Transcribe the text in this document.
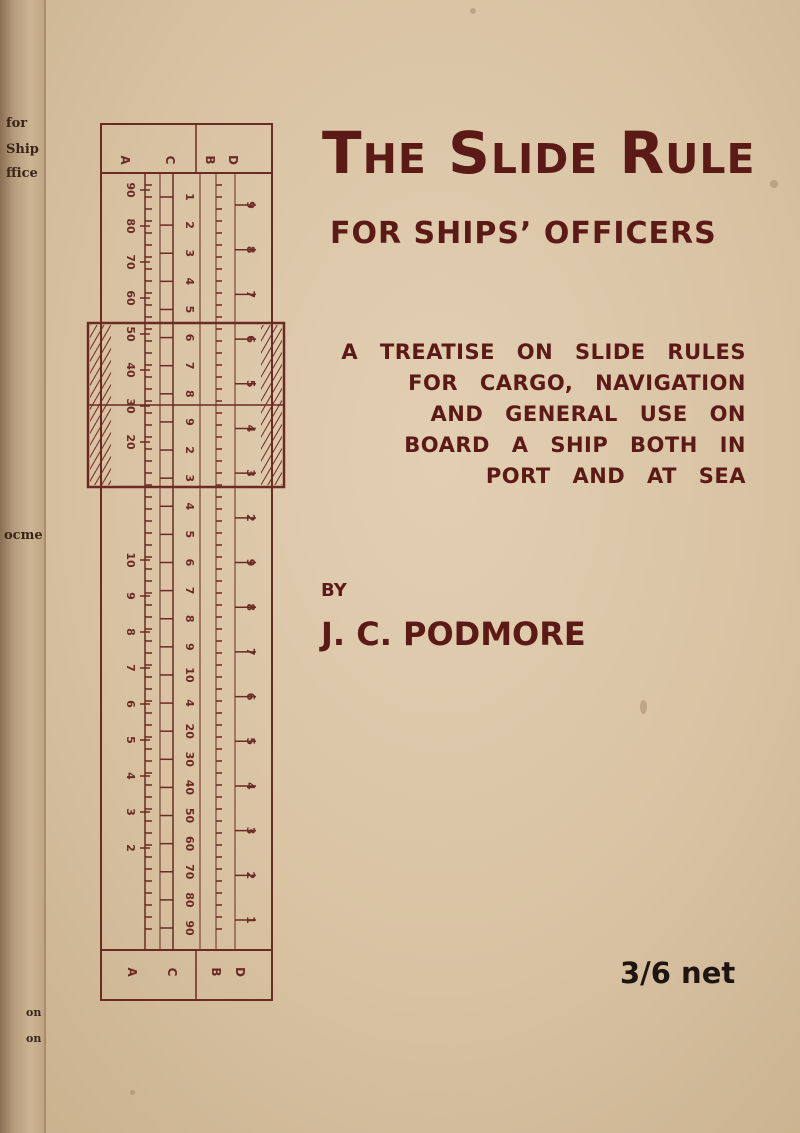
for
Ship
ffice
ocme
on
on
A	C B D
A C	B D
90
80
70
60
50
40
30
20
10
9
8
7
6
5
4
3
2
1
2
3
4
5
6
7
8
9
2
3
4
5
6
7
8
9
10
4
20
30
40
50
60
70
80
90
9
8
7
6
5
4
3
2
9
8
7
6
5
4
3
2
1
The Slide Rule
FOR SHIPS’ OFFICERS
A TREATISE ON SLIDE RULES
FOR CARGO, NAVIGATION
AND GENERAL USE ON
BOARD A SHIP BOTH IN
PORT AND AT SEA
BY
J. C. PODMORE
3/6 net
